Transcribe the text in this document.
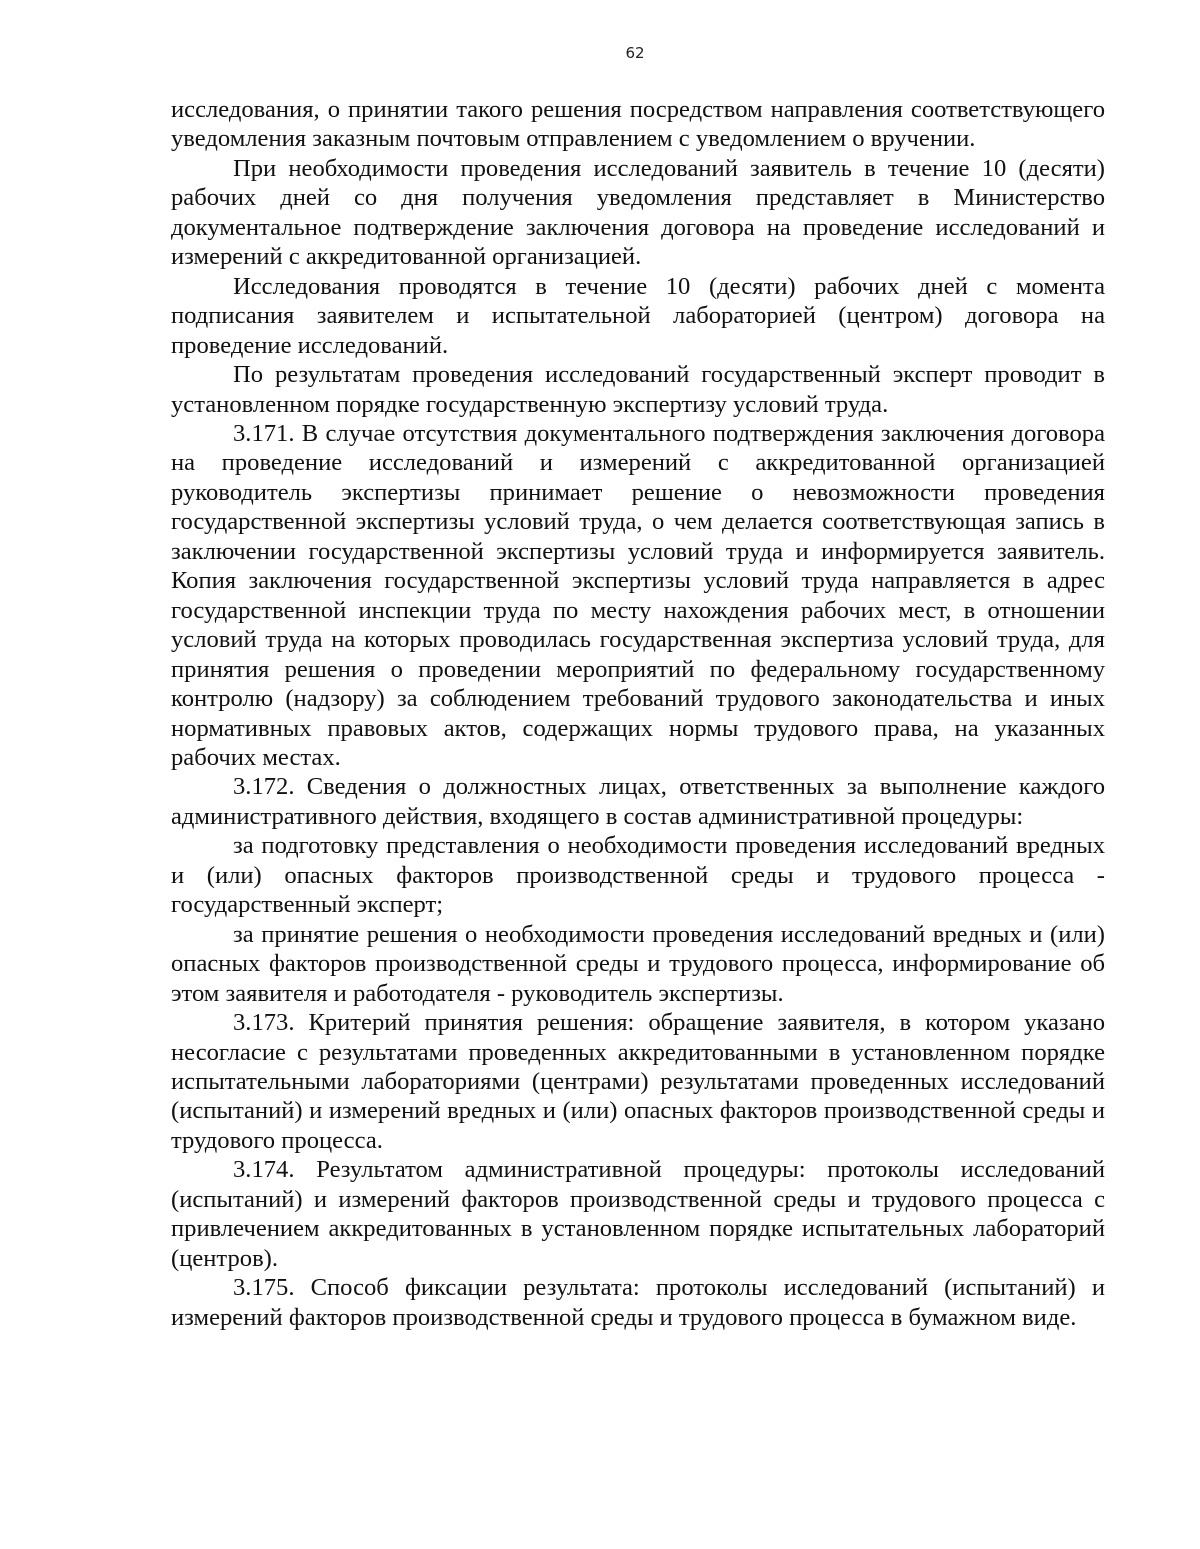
62

исследования, о принятии такого решения посредством направления соответствующего уведомления заказным почтовым отправлением с уведомлением о вручении.

При необходимости проведения исследований заявитель в течение 10 (десяти) рабочих дней со дня получения уведомления представляет в Министерство документальное подтверждение заключения договора на проведение исследований и измерений с аккредитованной организацией.

Исследования проводятся в течение 10 (десяти) рабочих дней с момента подписания заявителем и испытательной лабораторией (центром) договора на проведение исследований.

По результатам проведения исследований государственный эксперт проводит в установленном порядке государственную экспертизу условий труда.

3.171. В случае отсутствия документального подтверждения заключения договора на проведение исследований и измерений с аккредитованной организацией руководитель экспертизы принимает решение о невозможности проведения государственной экспертизы условий труда, о чем делается соответствующая запись в заключении государственной экспертизы условий труда и информируется заявитель. Копия заключения государственной экспертизы условий труда направляется в адрес государственной инспекции труда по месту нахождения рабочих мест, в отношении условий труда на которых проводилась государственная экспертиза условий труда, для принятия решения о проведении мероприятий по федеральному государственному контролю (надзору) за соблюдением требований трудового законодательства и иных нормативных правовых актов, содержащих нормы трудового права, на указанных рабочих местах.

3.172. Сведения о должностных лицах, ответственных за выполнение каждого административного действия, входящего в состав административной процедуры:

за подготовку представления о необходимости проведения исследований вредных и (или) опасных факторов производственной среды и трудового процесса - государственный эксперт;

за принятие решения о необходимости проведения исследований вредных и (или) опасных факторов производственной среды и трудового процесса, информирование об этом заявителя и работодателя - руководитель экспертизы.

3.173. Критерий принятия решения: обращение заявителя, в котором указано несогласие с результатами проведенных аккредитованными в установленном порядке испытательными лабораториями (центрами) результатами проведенных исследований (испытаний) и измерений вредных и (или) опасных факторов производственной среды и трудового процесса.

3.174. Результатом административной процедуры: протоколы исследований (испытаний) и измерений факторов производственной среды и трудового процесса с привлечением аккредитованных в установленном порядке испытательных лабораторий (центров).

3.175. Способ фиксации результата: протоколы исследований (испытаний) и измерений факторов производственной среды и трудового процесса в бумажном виде.
